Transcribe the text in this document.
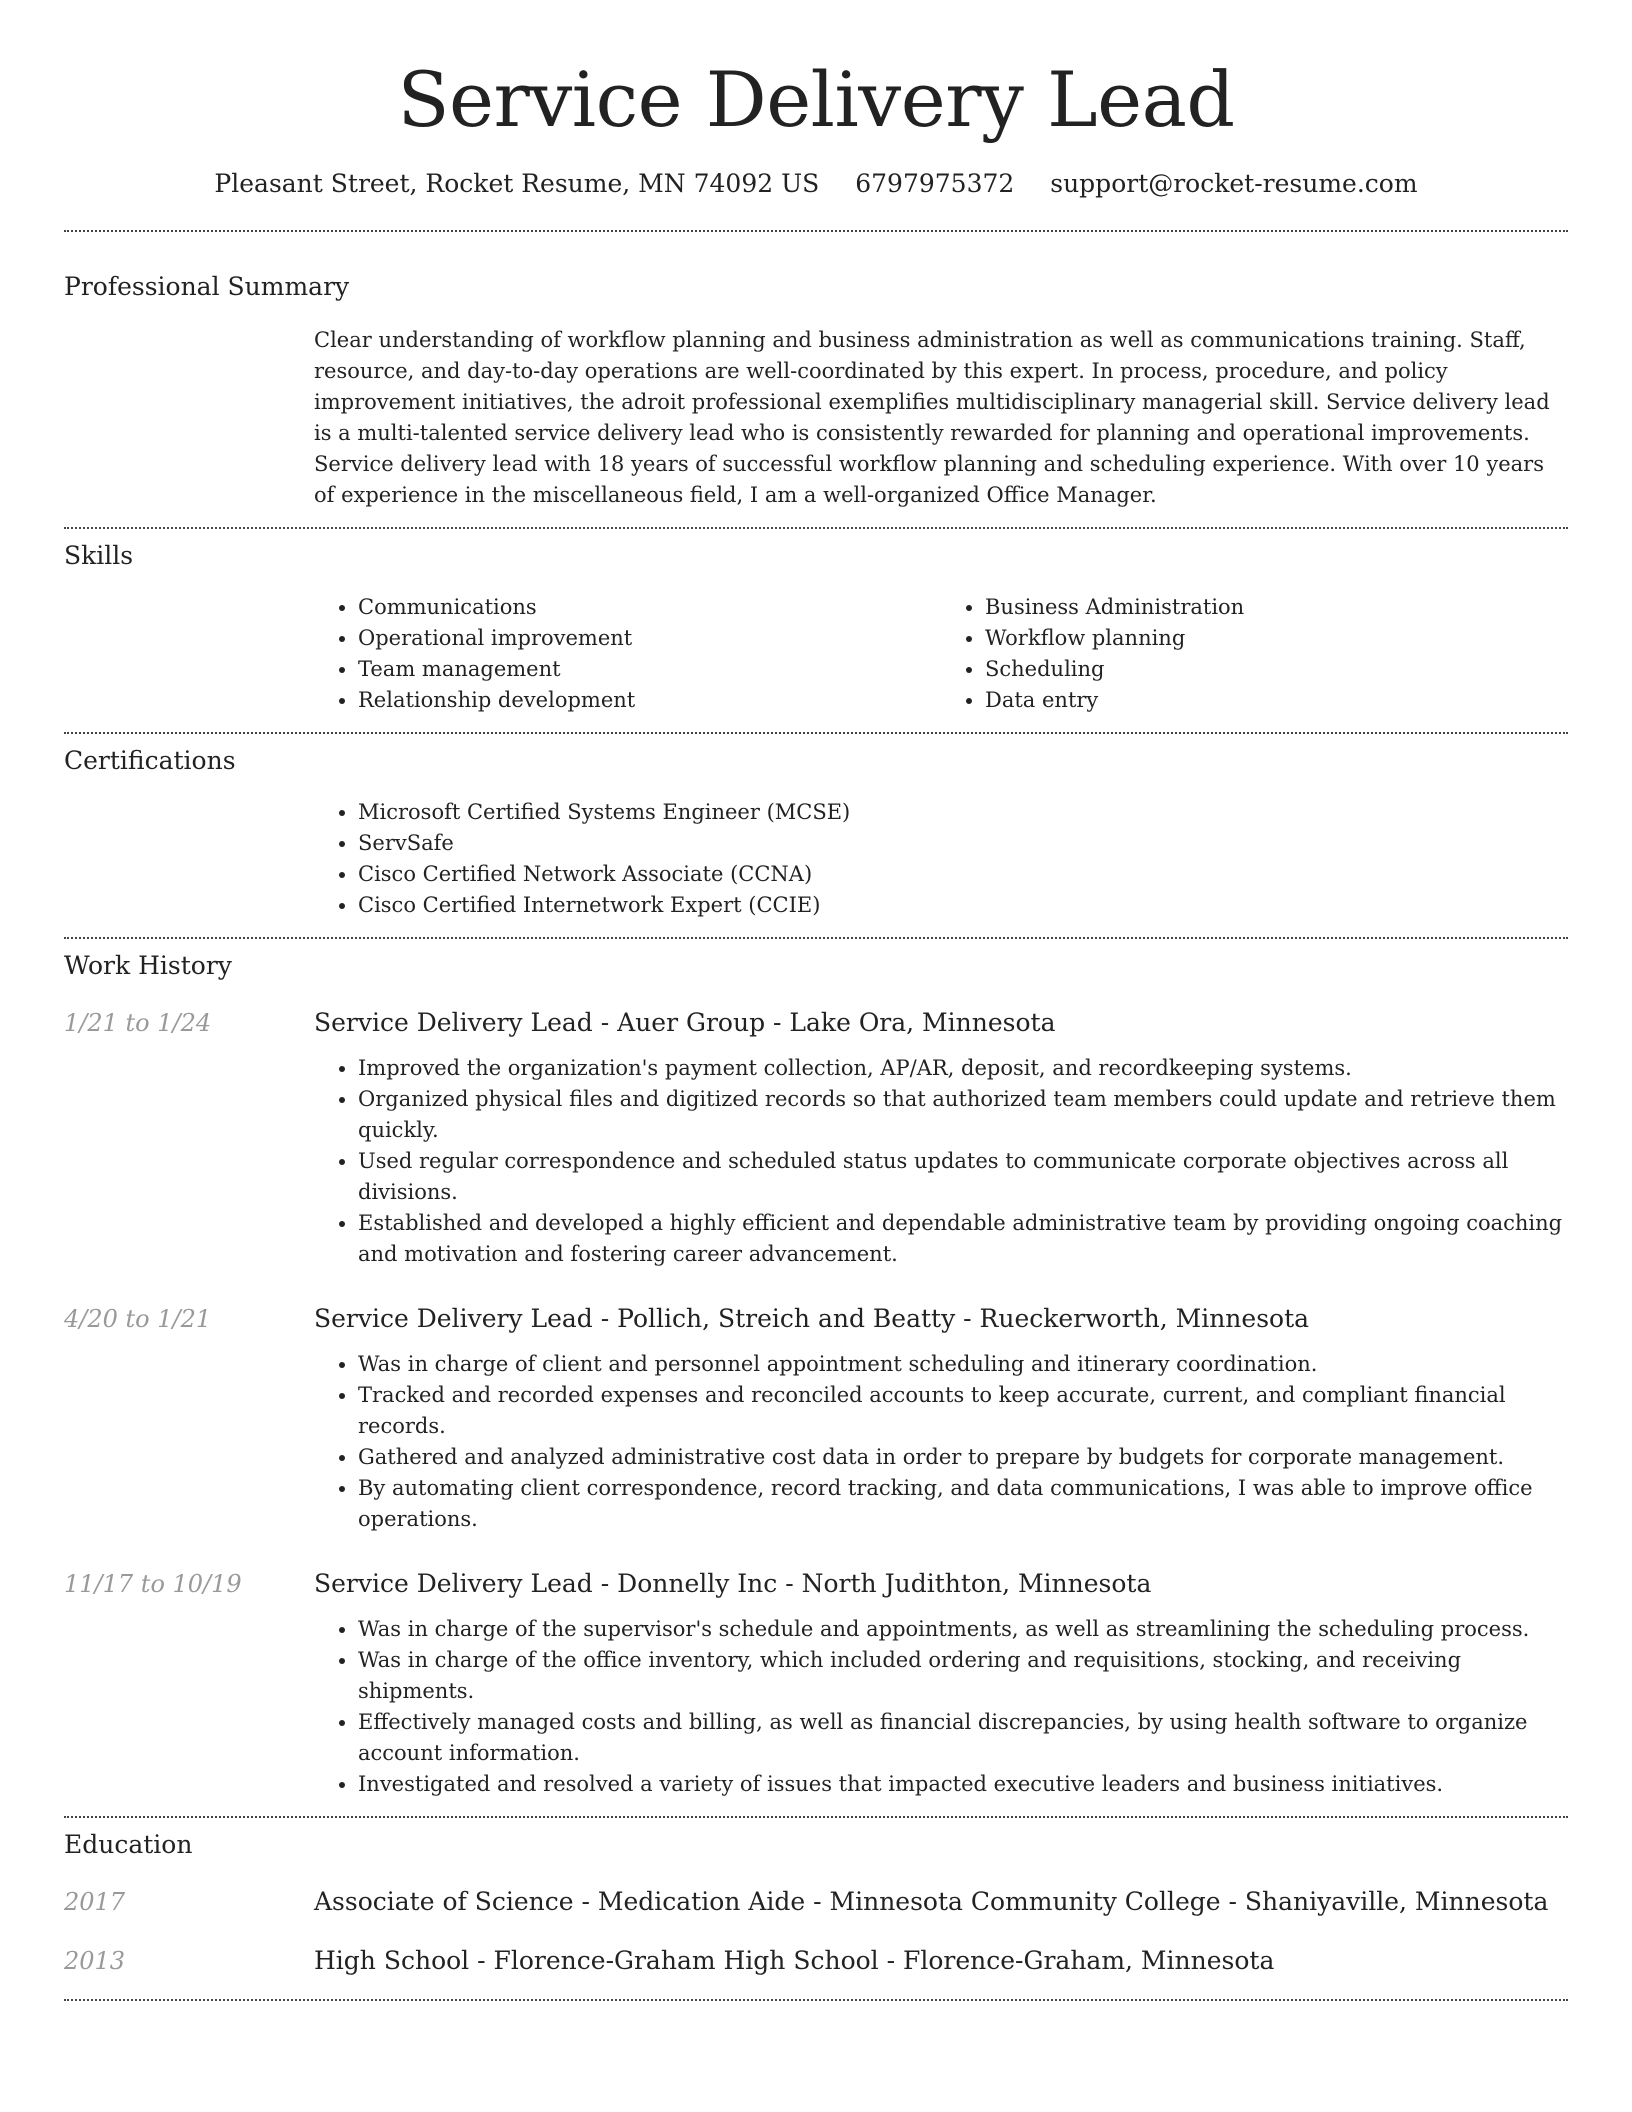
Service Delivery Lead
Pleasant Street, Rocket Resume, MN 74092 US 6797975372 support@rocket-resume.com
Professional Summary

Clear understanding of workflow planning and business administration as well as communications training. Staff, resource, and day-to-day operations are well-coordinated by this expert. In process, procedure, and policy improvement initiatives, the adroit professional exemplifies multidisciplinary managerial skill. Service delivery lead is a multi-talented service delivery lead who is consistently rewarded for planning and operational improvements. Service delivery lead with 18 years of successful workflow planning and scheduling experience. With over 10 years of experience in the miscellaneous field, I am a well-organized Office Manager.

Skills
• Communications
• Operational improvement
• Team management
• Relationship development
• Business Administration
• Workflow planning
• Scheduling
• Data entry
Certifications
• Microsoft Certified Systems Engineer (MCSE)
• ServSafe
• Cisco Certified Network Associate (CCNA)
• Cisco Certified Internetwork Expert (CCIE)
Work History
1/21 to 1/24	Service Delivery Lead - Auer Group - Lake Ora, Minnesota
• Improved the organization's payment collection, AP/AR, deposit, and recordkeeping systems.
• Organized physical files and digitized records so that authorized team members could update and retrieve them quickly.
• Used regular correspondence and scheduled status updates to communicate corporate objectives across all divisions.
• Established and developed a highly efficient and dependable administrative team by providing ongoing coaching and motivation and fostering career advancement.
4/20 to 1/21	Service Delivery Lead - Pollich, Streich and Beatty - Rueckerworth, Minnesota
• Was in charge of client and personnel appointment scheduling and itinerary coordination.
• Tracked and recorded expenses and reconciled accounts to keep accurate, current, and compliant financial records.
• Gathered and analyzed administrative cost data in order to prepare by budgets for corporate management.
• By automating client correspondence, record tracking, and data communications, I was able to improve office operations.
11/17 to 10/19	Service Delivery Lead - Donnelly Inc - North Judithton, Minnesota
• Was in charge of the supervisor's schedule and appointments, as well as streamlining the scheduling process.
• Was in charge of the office inventory, which included ordering and requisitions, stocking, and receiving shipments.
• Effectively managed costs and billing, as well as financial discrepancies, by using health software to organize account information.
• Investigated and resolved a variety of issues that impacted executive leaders and business initiatives.
Education
2017	Associate of Science - Medication Aide - Minnesota Community College - Shaniyaville, Minnesota
2013	High School - Florence-Graham High School - Florence-Graham, Minnesota
